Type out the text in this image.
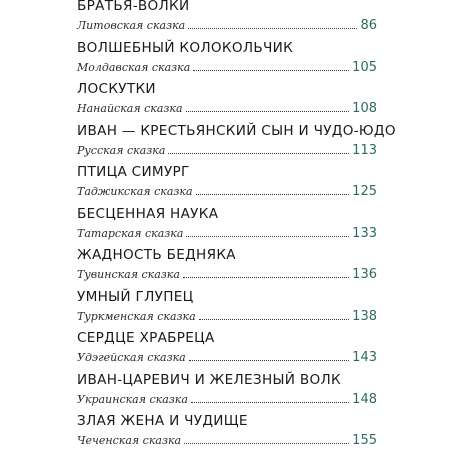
БРАТЬЯ-ВОЛКИ
Литовская сказка	86
ВОЛШЕБНЫЙ КОЛОКОЛЬЧИК
Молдавская сказка	105
ЛОСКУТКИ
Нанайская сказка	108
ИВАН — КРЕСТЬЯНСКИЙ СЫН И ЧУДО-ЮДО
Русская сказка	113
ПТИЦА СИМУРГ
Таджикская сказка	125
БЕСЦЕННАЯ НАУКА
Татарская сказка	133
ЖАДНОСТЬ БЕДНЯКА
Тувинская сказка	136
УМНЫЙ ГЛУПЕЦ
Туркменская сказка	138
СЕРДЦЕ ХРАБРЕЦА
Удэгейская сказка	143
ИВАН-ЦАРЕВИЧ И ЖЕЛЕЗНЫЙ ВОЛК
Украинская сказка	148
ЗЛАЯ ЖЕНА И ЧУДИЩЕ
Чеченская сказка	155
